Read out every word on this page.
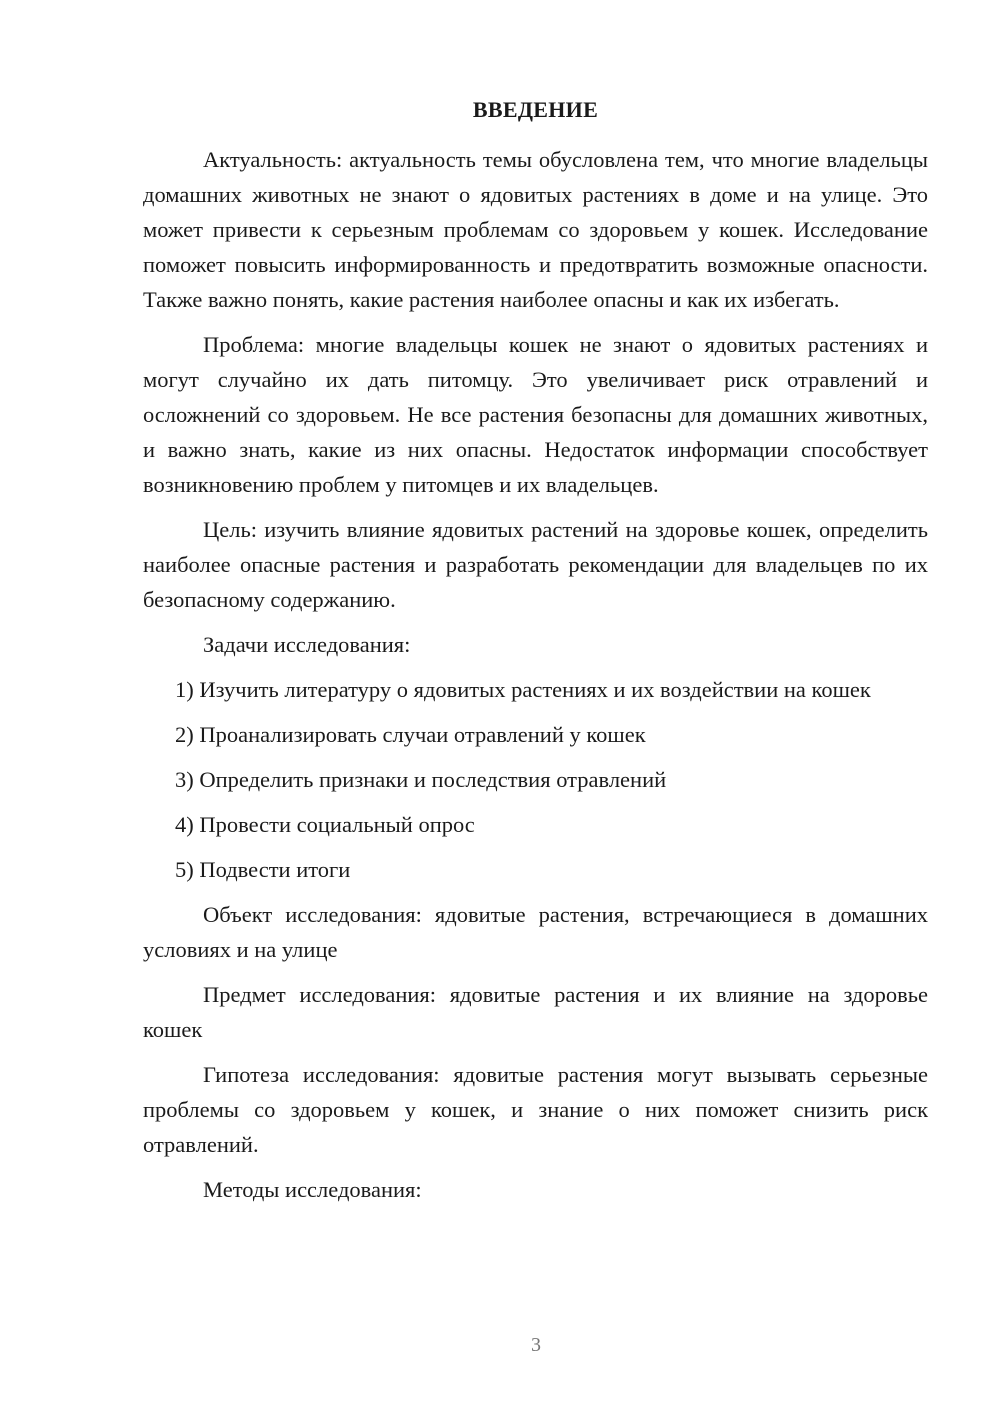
ВВЕДЕНИЕ

Актуальность: актуальность темы обусловлена тем, что многие владельцы домашних животных не знают о ядовитых растениях в доме и на улице. Это может привести к серьезным проблемам со здоровьем у кошек. Исследование поможет повысить информированность и предотвратить возможные опасности. Также важно понять, какие растения наиболее опасны и как их избегать.

Проблема: многие владельцы кошек не знают о ядовитых растениях и могут случайно их дать питомцу. Это увеличивает риск отравлений и осложнений со здоровьем. Не все растения безопасны для домашних животных, и важно знать, какие из них опасны. Недостаток информации способствует возникновению проблем у питомцев и их владельцев.

Цель: изучить влияние ядовитых растений на здоровье кошек, определить наиболее опасные растения и разработать рекомендации для владельцев по их безопасному содержанию.

Задачи исследования:

1) Изучить литературу о ядовитых растениях и их воздействии на кошек

2) Проанализировать случаи отравлений у кошек

3) Определить признаки и последствия отравлений

4) Провести социальный опрос

5) Подвести итоги

Объект исследования: ядовитые растения, встречающиеся в домашних условиях и на улице

Предмет исследования: ядовитые растения и их влияние на здоровье кошек

Гипотеза исследования: ядовитые растения могут вызывать серьезные проблемы со здоровьем у кошек, и знание о них поможет снизить риск отравлений.

Методы исследования:

3
